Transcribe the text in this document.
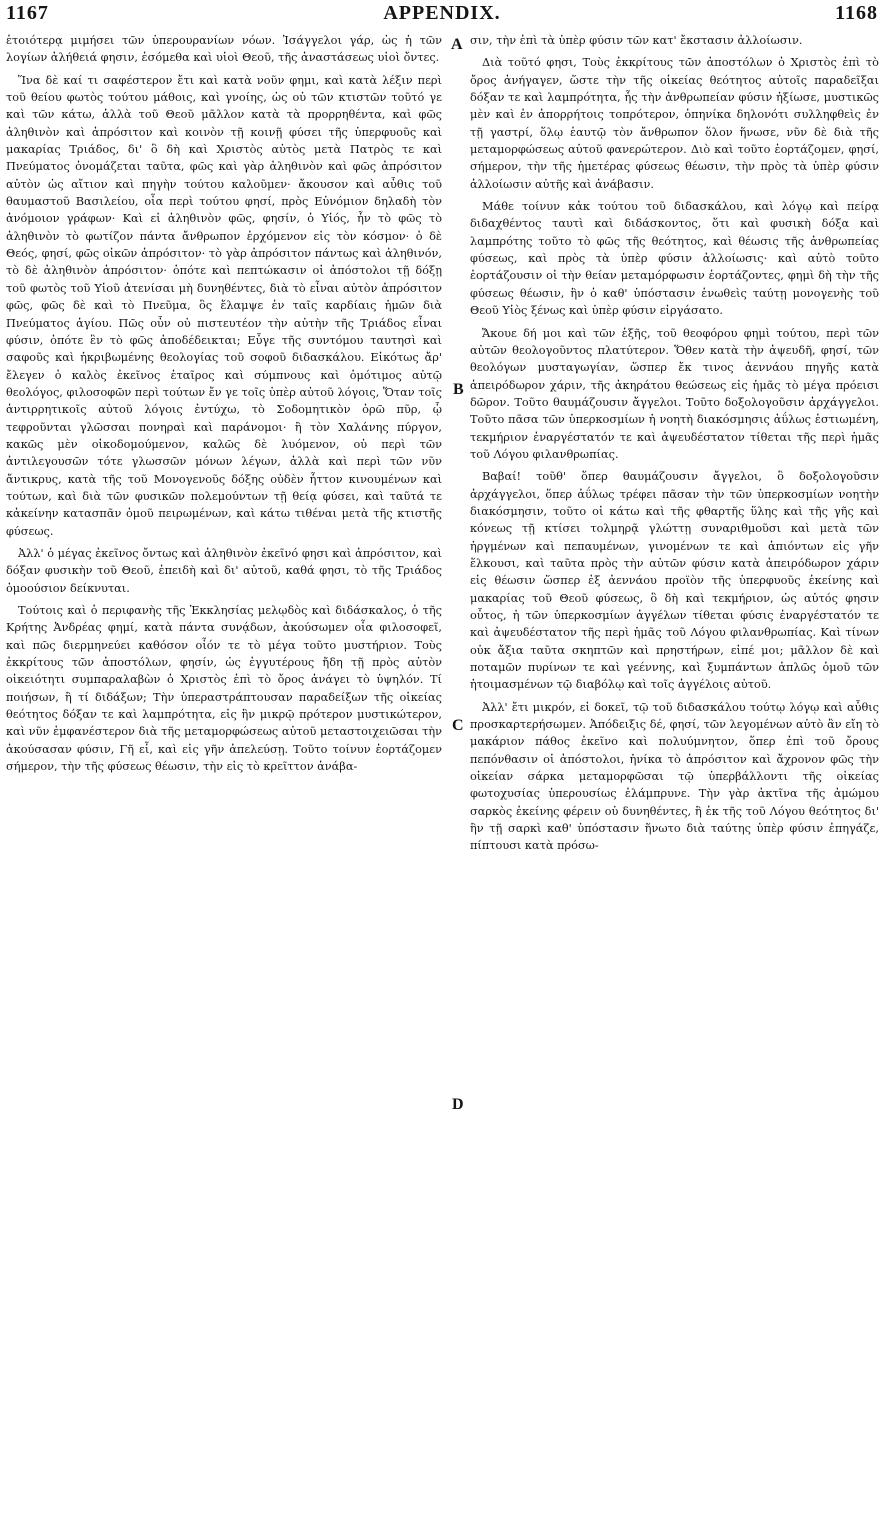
1167	APPENDIX.	1168
A
B
C
D

ἑτοιότερᾳ μιμήσει τῶν ὑπερουρανίων νόων. Ἰσάγγελοι γάρ, ὡς ἡ τῶν λογίων ἀλήθειά φησιν, ἐσόμεθα καὶ υἱοὶ Θεοῦ, τῆς ἀναστάσεως υἱοὶ ὄντες.

Ἵνα δὲ καί τι σαφέστερον ἔτι καὶ κατὰ νοῦν φημι, καὶ κατὰ λέξιν περὶ τοῦ θείου φωτὸς τούτου μάθοις, καὶ γνοίης, ὡς οὐ τῶν κτιστῶν τοῦτό γε καὶ τῶν κάτω, ἀλλὰ τοῦ Θεοῦ μᾶλλον κατὰ τὰ προρρηθέντα, καὶ φῶς ἀληθινὸν καὶ ἀπρόσιτον καὶ κοινὸν τῇ κοινῇ φύσει τῆς ὑπερφυοῦς καὶ μακαρίας Τριάδος, δι' ὃ δὴ καὶ Χριστὸς αὐτὸς μετὰ Πατρὸς τε καὶ Πνεύματος ὀνομάζεται ταῦτα, φῶς καὶ γὰρ ἀληθινὸν καὶ φῶς ἀπρόσιτον αὐτὸν ὡς αἴτιον καὶ πηγὴν τούτου καλοῦμεν· ἄκουσον καὶ αὖθις τοῦ θαυμαστοῦ Βασιλείου, οἷα περὶ τούτου φησί, πρὸς Εὐνόμιον δηλαδὴ τὸν ἀνόμοιον γράφων· Καὶ εἰ ἀληθινὸν φῶς, φησίν, ὁ Υἱός, ἦν τὸ φῶς τὸ ἀληθινὸν τὸ φωτίζον πάντα ἄνθρωπον ἐρχόμενον εἰς τὸν κόσμον· ὁ δὲ Θεός, φησί, φῶς οἰκῶν ἀπρόσιτον· τὸ γὰρ ἀπρόσιτον πάντως καὶ ἀληθινόν, τὸ δὲ ἀληθινὸν ἀπρόσιτον· ὁπότε καὶ πεπτώκασιν οἱ ἀπόστολοι τῇ δόξῃ τοῦ φωτὸς τοῦ Υἱοῦ ἀτενίσαι μὴ δυνηθέντες, διὰ τὸ εἶναι αὐτὸν ἀπρόσιτον φῶς, φῶς δὲ καὶ τὸ Πνεῦμα, ὃς ἔλαμψε ἐν ταῖς καρδίαις ἡμῶν διὰ Πνεύματος ἁγίου. Πῶς οὖν οὐ πιστευτέον τὴν αὐτὴν τῆς Τριάδος εἶναι φύσιν, ὁπότε ἓν τὸ φῶς ἀποδέδεικται; Εὖγε τῆς συντόμου ταυτησὶ καὶ σαφοῦς καὶ ἠκριβωμένης θεολογίας τοῦ σοφοῦ διδασκάλου. Εἰκότως ἄρ' ἔλεγεν ὁ καλὸς ἐκεῖνος ἑταῖρος καὶ σύμπνους καὶ ὁμότιμος αὐτῷ θεολόγος, φιλοσοφῶν περὶ τούτων ἔν γε τοῖς ὑπὲρ αὐτοῦ λόγοις, Ὅταν τοῖς ἀντιρρητικοῖς αὐτοῦ λόγοις ἐντύχω, τὸ Σοδομητικὸν ὁρῶ πῦρ, ᾧ τεφροῦνται γλῶσσαι πονηραὶ καὶ παράνομοι· ἢ τὸν Χαλάνης πύργον, κακῶς μὲν οἰκοδομούμενον, καλῶς δὲ λυόμενον, οὐ περὶ τῶν ἀντιλεγουσῶν τότε γλωσσῶν μόνων λέγων, ἀλλὰ καὶ περὶ τῶν νῦν ἄντικρυς, κατὰ τῆς τοῦ Μονογενοῦς δόξης οὐδὲν ἧττον κινουμένων καὶ τούτων, καὶ διὰ τῶν φυσικῶν πολεμούντων τῇ θείᾳ φύσει, καὶ ταῦτά τε κἀκείνην κατασπᾶν ὁμοῦ πειρωμένων, καὶ κάτω τιθέναι μετὰ τῆς κτιστῆς φύσεως.

Ἀλλ' ὁ μέγας ἐκεῖνος ὄντως καὶ ἀληθινὸν ἐκεῖνό φησι καὶ ἀπρόσιτον, καὶ δόξαν φυσικὴν τοῦ Θεοῦ, ἐπειδὴ καὶ δι' αὐτοῦ, καθά φησι, τὸ τῆς Τριάδος ὁμοούσιον δείκνυται.

Τούτοις καὶ ὁ περιφανὴς τῆς Ἐκκλησίας μελῳδὸς καὶ διδάσκαλος, ὁ τῆς Κρήτης Ἀνδρέας φημί, κατὰ πάντα συνᾴδων, ἀκούσωμεν οἷα φιλοσοφεῖ, καὶ πῶς διερμηνεύει καθόσον οἷόν τε τὸ μέγα τοῦτο μυστήριον. Τοὺς ἐκκρίτους τῶν ἀποστόλων, φησίν, ὡς ἐγγυτέρους ἤδη τῇ πρὸς αὐτὸν οἰκειότητι συμπαραλαβὼν ὁ Χριστὸς ἐπὶ τὸ ὄρος ἀνάγει τὸ ὑψηλόν. Τί ποιήσων, ἢ τί διδάξων; Τὴν ὑπεραστράπτουσαν παραδείξων τῆς οἰκείας θεότητος δόξαν τε καὶ λαμπρότητα, εἰς ἣν μικρῷ πρότερον μυστικώτερον, καὶ νῦν ἐμφανέστερον διὰ τῆς μεταμορφώσεως αὐτοῦ μεταστοιχειῶσαι τὴν ἀκούσασαν φύσιν, Γῆ εἶ, καὶ εἰς γῆν ἀπελεύσῃ. Τοῦτο τοίνυν ἑορτάζομεν σήμερον, τὴν τῆς φύσεως θέωσιν, τὴν εἰς τὸ κρεῖττον ἀνάβα-

σιν, τὴν ἐπὶ τὰ ὑπὲρ φύσιν τῶν κατ' ἔκστασιν ἀλλοίωσιν.

Διὰ τοῦτό φησι, Τοὺς ἐκκρίτους τῶν ἀποστόλων ὁ Χριστὸς ἐπὶ τὸ ὄρος ἀνήγαγεν, ὥστε τὴν τῆς οἰκείας θεότητος αὐτοῖς παραδεῖξαι δόξαν τε καὶ λαμπρότητα, ἧς τὴν ἀνθρωπείαν φύσιν ἠξίωσε, μυστικῶς μὲν καὶ ἐν ἀπορρήτοις τοπρότερον, ὁπηνίκα δηλονότι συλληφθεὶς ἐν τῇ γαστρί, ὅλῳ ἑαυτῷ τὸν ἄνθρωπον ὅλον ἥνωσε, νῦν δὲ διὰ τῆς μεταμορφώσεως αὐτοῦ φανερώτερον. Διὸ καὶ τοῦτο ἑορτάζομεν, φησί, σήμερον, τὴν τῆς ἡμετέρας φύσεως θέωσιν, τὴν πρὸς τὰ ὑπὲρ φύσιν ἀλλοίωσιν αὐτῆς καὶ ἀνάβασιν.

Μάθε τοίνυν κἀκ τούτου τοῦ διδασκάλου, καὶ λόγῳ καὶ πείρᾳ διδαχθέντος ταυτὶ καὶ διδάσκοντος, ὅτι καὶ φυσικὴ δόξα καὶ λαμπρότης τοῦτο τὸ φῶς τῆς θεότητος, καὶ θέωσις τῆς ἀνθρωπείας φύσεως, καὶ πρὸς τὰ ὑπὲρ φύσιν ἀλλοίωσις· καὶ αὐτὸ τοῦτο ἑορτάζουσιν οἱ τὴν θείαν μεταμόρφωσιν ἑορτάζοντες, φημὶ δὴ τὴν τῆς φύσεως θέωσιν, ἣν ὁ καθ' ὑπόστασιν ἑνωθεὶς ταύτῃ μονογενὴς τοῦ Θεοῦ Υἱὸς ξένως καὶ ὑπὲρ φύσιν εἰργάσατο.

Ἄκουε δή μοι καὶ τῶν ἑξῆς, τοῦ θεοφόρου φημὶ τούτου, περὶ τῶν αὐτῶν θεολογοῦντος πλατύτερον. Ὅθεν κατὰ τὴν ἀψευδῆ, φησί, τῶν θεολόγων μυσταγωγίαν, ὥσπερ ἔκ τινος ἀεννάου πηγῆς κατὰ ἀπειρόδωρον χάριν, τῆς ἀκηράτου θεώσεως εἰς ἡμᾶς τὸ μέγα πρόεισι δῶρον. Τοῦτο θαυμάζουσιν ἄγγελοι. Τοῦτο δοξολογοῦσιν ἀρχάγγελοι. Τοῦτο πᾶσα τῶν ὑπερκοσμίων ἡ νοητὴ διακόσμησις ἀΰλως ἑστιωμένη, τεκμήριον ἐναργέστατόν τε καὶ ἀψευδέστατον τίθεται τῆς περὶ ἡμᾶς τοῦ Λόγου φιλανθρωπίας.

Βαβαί! τοῦθ' ὅπερ θαυμάζουσιν ἄγγελοι, ὃ δοξολογοῦσιν ἀρχάγγελοι, ὅπερ ἀΰλως τρέφει πᾶσαν τὴν τῶν ὑπερκοσμίων νοητὴν διακόσμησιν, τοῦτο οἱ κάτω καὶ τῆς φθαρτῆς ὕλης καὶ τῆς γῆς καὶ κόνεως τῇ κτίσει τολμηρᾷ γλώττῃ συναριθμοῦσι καὶ μετὰ τῶν ἠργμένων καὶ πεπαυμένων, γινομένων τε καὶ ἀπιόντων εἰς γῆν ἕλκουσι, καὶ ταῦτα πρὸς τὴν αὐτῶν φύσιν κατὰ ἀπειρόδωρον χάριν εἰς θέωσιν ὥσπερ ἐξ ἀεννάου προϊὸν τῆς ὑπερφυοῦς ἐκείνης καὶ μακαρίας τοῦ Θεοῦ φύσεως, ὃ δὴ καὶ τεκμήριον, ὡς αὐτός φησιν οὗτος, ἡ τῶν ὑπερκοσμίων ἀγγέλων τίθεται φύσις ἐναργέστατόν τε καὶ ἀψευδέστατον τῆς περὶ ἡμᾶς τοῦ Λόγου φιλανθρωπίας. Καὶ τίνων οὐκ ἄξια ταῦτα σκηπτῶν καὶ πρηστήρων, εἰπέ μοι; μᾶλλον δὲ καὶ ποταμῶν πυρίνων τε καὶ γεέννης, καὶ ξυμπάντων ἁπλῶς ὁμοῦ τῶν ἡτοιμασμένων τῷ διαβόλῳ καὶ τοῖς ἀγγέλοις αὐτοῦ.

Ἀλλ' ἔτι μικρόν, εἰ δοκεῖ, τῷ τοῦ διδασκάλου τούτῳ λόγῳ καὶ αὖθις προσκαρτερήσωμεν. Ἀπόδειξις δέ, φησί, τῶν λεγομένων αὐτὸ ἂν εἴη τὸ μακάριον πάθος ἐκεῖνο καὶ πολυύμνητον, ὅπερ ἐπὶ τοῦ ὄρους πεπόνθασιν οἱ ἀπόστολοι, ἡνίκα τὸ ἀπρόσιτον καὶ ἄχρονον φῶς τὴν οἰκείαν σάρκα μεταμορφῶσαι τῷ ὑπερβάλλοντι τῆς οἰκείας φωτοχυσίας ὑπερουσίως ἐλάμπρυνε. Τὴν γὰρ ἀκτῖνα τῆς ἀμώμου σαρκὸς ἐκείνης φέρειν οὐ δυνηθέντες, ἣ ἐκ τῆς τοῦ Λόγου θεότητος δι' ἣν τῇ σαρκὶ καθ' ὑπόστασιν ἥνωτο διὰ ταύτης ὑπὲρ φύσιν ἐπηγάζε, πίπτουσι κατὰ πρόσω-
